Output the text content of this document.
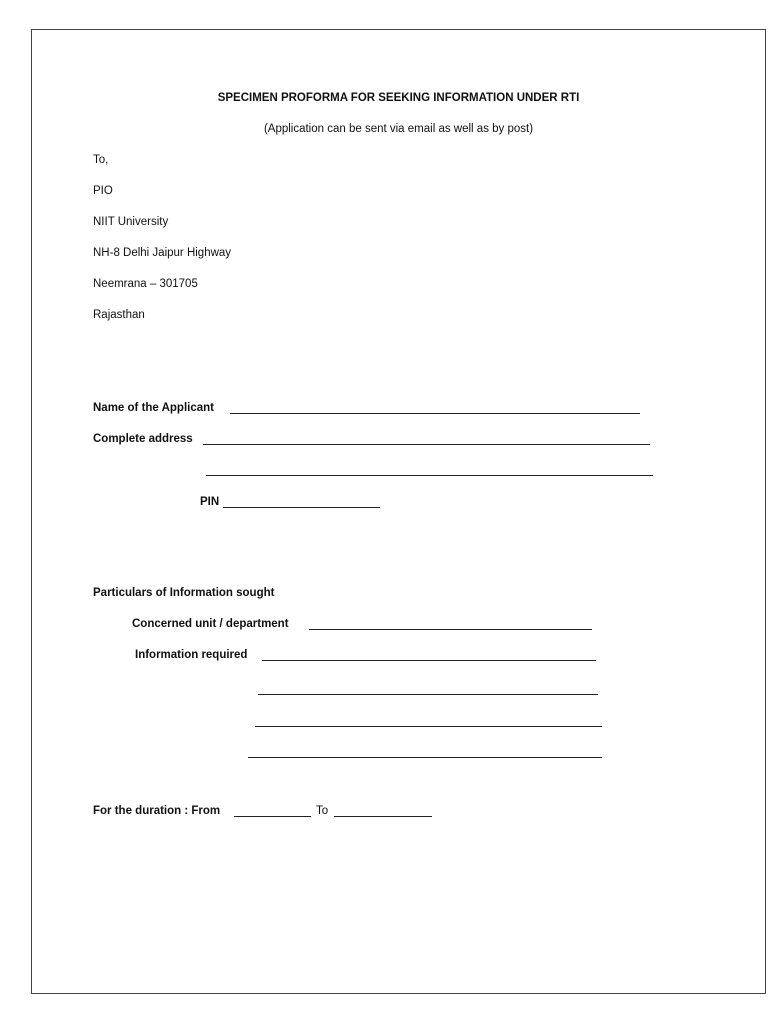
SPECIMEN PROFORMA FOR SEEKING INFORMATION UNDER RTI
(Application can be sent via email as well as by post)
To,
PIO
NIIT University
NH-8 Delhi Jaipur Highway
Neemrana – 301705
Rajasthan
Name of the Applicant
Complete address
PIN
Particulars of Information sought
Concerned unit / department
Information required
For the duration : From	To
